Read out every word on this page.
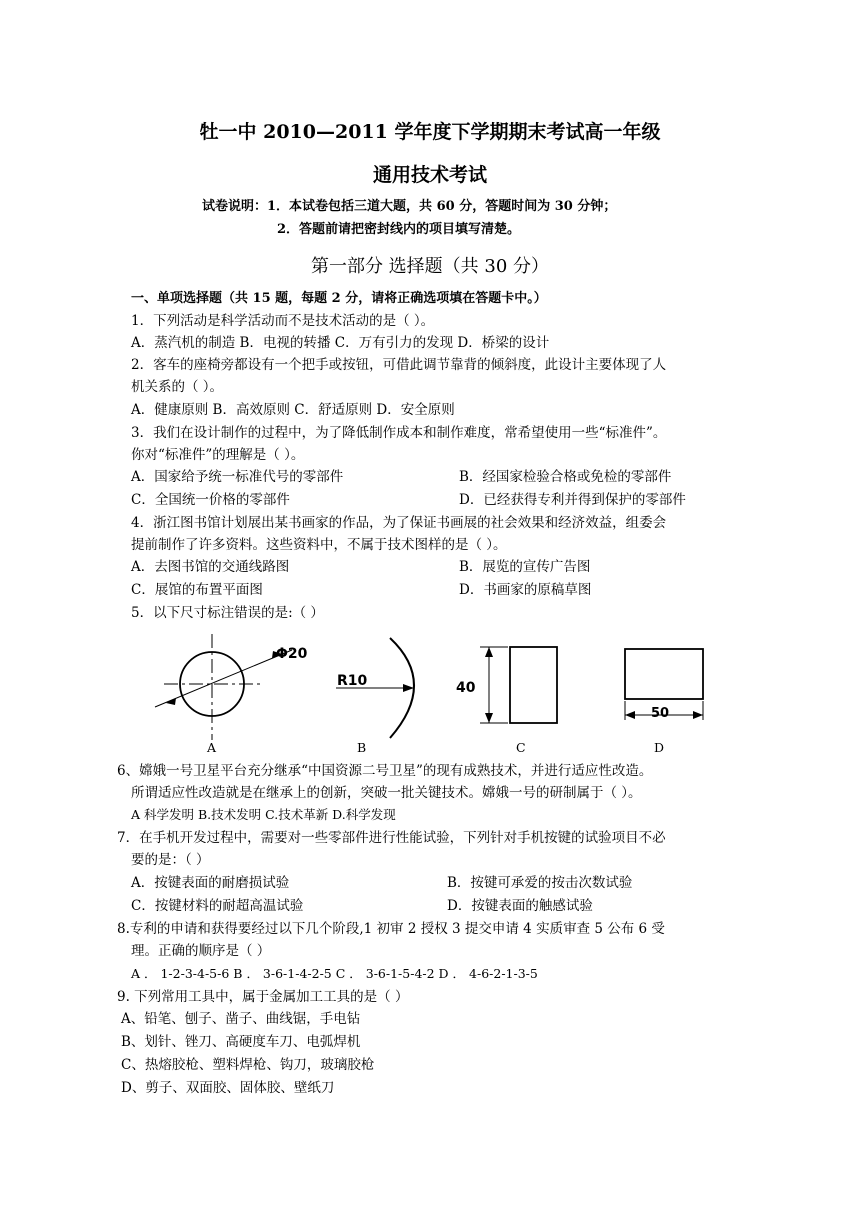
牡一中 2010—2011 学年度下学期期末考试高一年级
通用技术考试
试卷说明：1．本试卷包括三道大题，共 60 分，答题时间为 30 分钟；
2．答题前请把密封线内的项目填写清楚。
第一部分 选择题（共 30 分）
一、单项选择题（共 15 题，每题 2 分，请将正确选项填在答题卡中。）
1．下列活动是科学活动而不是技术活动的是（ ）。
A．蒸汽机的制造 B．电视的转播 C．万有引力的发现 D．桥梁的设计
2．客车的座椅旁都设有一个把手或按钮，可借此调节靠背的倾斜度，此设计主要体现了人
机关系的（ ）。
A．健康原则 B．高效原则 C．舒适原则 D．安全原则
3．我们在设计制作的过程中，为了降低制作成本和制作难度，常希望使用一些“标准件”。
你对“标准件”的理解是（ ）。
A．国家给予统一标准代号的零部件	B．经国家检验合格或免检的零部件
C．全国统一价格的零部件	D．已经获得专利并得到保护的零部件
4．浙江图书馆计划展出某书画家的作品，为了保证书画展的社会效果和经济效益，组委会
提前制作了许多资料。这些资料中，不属于技术图样的是（ ）。
A．去图书馆的交通线路图	B．展览的宣传广告图
C．展馆的布置平面图	D．书画家的原稿草图
5．以下尺寸标注错误的是:（ ）
Φ20
R10	40
50
A	B	C	D
6、嫦娥一号卫星平台充分继承“中国资源二号卫星”的现有成熟技术，并进行适应性改造。
所谓适应性改造就是在继承上的创新，突破一批关键技术。嫦娥一号的研制属于（ ）。
A 科学发明 B.技术发明 C.技术革新 D.科学发现
7．在手机开发过程中，需要对一些零部件进行性能试验，下列针对手机按键的试验项目不必
要的是：（ ）
A．按键表面的耐磨损试验	B．按键可承爱的按击次数试验
C．按键材料的耐超高温试验	D．按键表面的触感试验
8.专利的申请和获得要经过以下几个阶段,1 初审 2 授权 3 提交申请 4 实质审查 5 公布 6 受
理。正确的顺序是（ ）
A ． 1-2-3-4-5-6 B ． 3-6-1-4-2-5 C ． 3-6-1-5-4-2 D ． 4-6-2-1-3-5
9. 下列常用工具中，属于金属加工工具的是（ ）
A、铅笔、刨子、凿子、曲线锯，手电钻
B、划针、锉刀、高硬度车刀、电弧焊机
C、热熔胶枪、塑料焊枪、钩刀，玻璃胶枪
D、剪子、双面胶、固体胶、壁纸刀
